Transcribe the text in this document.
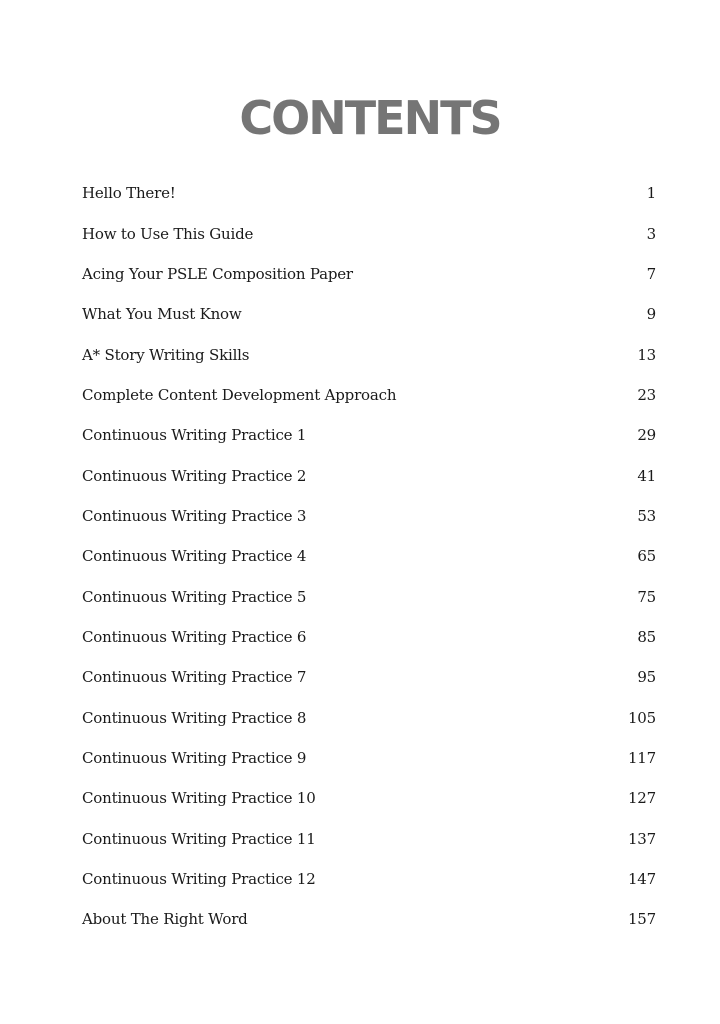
CONTENTS
Hello There!	1
How to Use This Guide	3
Acing Your PSLE Composition Paper	7
What You Must Know	9
A* Story Writing Skills	13
Complete Content Development Approach	23
Continuous Writing Practice 1	29
Continuous Writing Practice 2	41
Continuous Writing Practice 3	53
Continuous Writing Practice 4	65
Continuous Writing Practice 5	75
Continuous Writing Practice 6	85
Continuous Writing Practice 7	95
Continuous Writing Practice 8	105
Continuous Writing Practice 9	117
Continuous Writing Practice 10	127
Continuous Writing Practice 11	137
Continuous Writing Practice 12	147
About The Right Word	157
